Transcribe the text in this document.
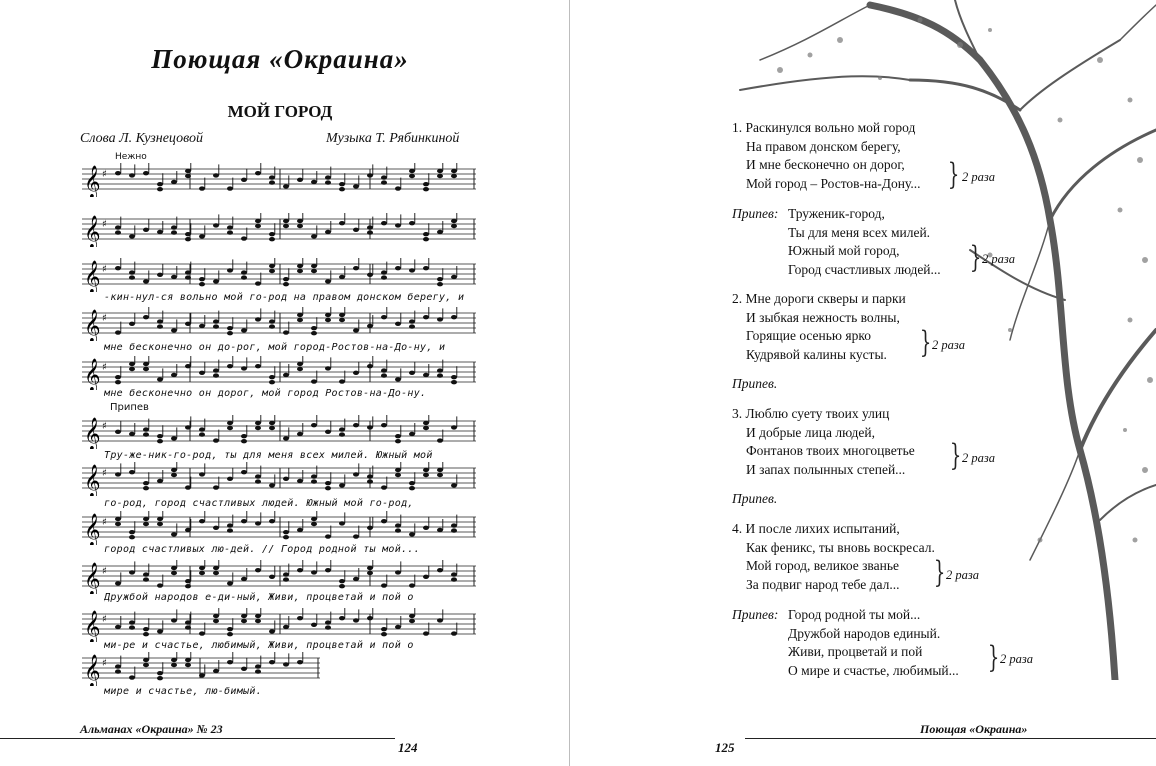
Поющая «Окраина»
МОЙ ГОРОД
Слова Л. Кузнецовой	Музыка Т. Рябинкиной
Нежно
Припев
𝄞 ♯
𝄞 ♯
𝄞 ♯
𝄞 ♯
𝄞 ♯
𝄞 ♯
𝄞 ♯
𝄞 ♯
𝄞 ♯
𝄞 ♯
𝄞 ♯
-кин-нул-ся вольно мой го-род на правом донском берегу, и
мне бесконечно он до-рог, мой город-Ростов-на-До-ну, и
мне бесконечно он дорог, мой город Ростов-на-До-ну.
Тру-же-ник-го-род, ты для меня всех милей. Южный мой
го-род, город счастливых людей. Южный мой го-род,
город счастливых лю-дей. // Город родной ты мой...
Дружбой народов е-ди-ный, Живи, процветай и пой о
ми-ре и счастье, любимый, Живи, процветай и пой о
мире и счастье, лю-бимый.
Альманах «Окраина» № 23
124
1. Раскинулся вольно мой город
На правом донском берегу,
И мне бесконечно он дорог,
Мой город – Ростов-на-Дону... } 2 раза
Припев: Труженик-город,
Ты для меня всех милей.
Южный мой город,
Город счастливых людей... } 2 раза
2. Мне дороги скверы и парки
И зыбкая нежность волны,
Горящие осенью ярко
Кудрявой калины кусты.	} 2 раза
Припев.
3. Люблю суету твоих улиц
И добрые лица людей,
Фонтанов твоих многоцветье
И запах полынных степей...	} 2 раза
Припев.
4. И после лихих испытаний,
Как феникс, ты вновь воскресал.
Мой город, великое званье
За подвиг народ тебе дал...	} 2 раза
Припев: Город родной ты мой...
Дружбой народов единый.
Живи, процветай и пой
О мире и счастье, любимый... } 2 раза
125
Поющая «Окраина»
